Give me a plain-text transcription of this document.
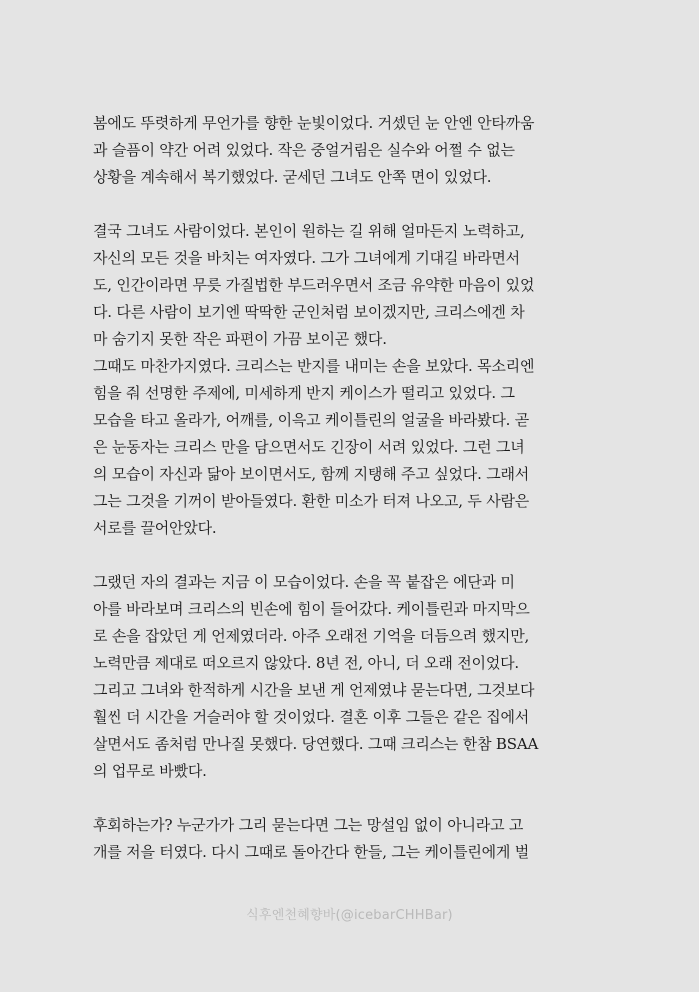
봄에도 뚜렷하게 무언가를 향한 눈빛이었다. 거셌던 눈 안엔 안타까움
과 슬픔이 약간 어려 있었다. 작은 중얼거림은 실수와 어쩔 수 없는
상황을 계속해서 복기했었다. 굳세던 그녀도 안쪽 면이 있었다.
결국 그녀도 사람이었다. 본인이 원하는 길 위해 얼마든지 노력하고,
자신의 모든 것을 바치는 여자였다. 그가 그녀에게 기대길 바라면서
도, 인간이라면 무릇 가질법한 부드러우면서 조금 유약한 마음이 있었
다. 다른 사람이 보기엔 딱딱한 군인처럼 보이겠지만, 크리스에겐 차
마 숨기지 못한 작은 파편이 가끔 보이곤 했다.
그때도 마찬가지였다. 크리스는 반지를 내미는 손을 보았다. 목소리엔
힘을 줘 선명한 주제에, 미세하게 반지 케이스가 떨리고 있었다. 그
모습을 타고 올라가, 어깨를, 이윽고 케이틀린의 얼굴을 바라봤다. 곧
은 눈동자는 크리스 만을 담으면서도 긴장이 서려 있었다. 그런 그녀
의 모습이 자신과 닮아 보이면서도, 함께 지탱해 주고 싶었다. 그래서
그는 그것을 기꺼이 받아들였다. 환한 미소가 터져 나오고, 두 사람은
서로를 끌어안았다.
그랬던 자의 결과는 지금 이 모습이었다. 손을 꼭 붙잡은 에단과 미
아를 바라보며 크리스의 빈손에 힘이 들어갔다. 케이틀린과 마지막으
로 손을 잡았던 게 언제였더라. 아주 오래전 기억을 더듬으려 했지만,
노력만큼 제대로 떠오르지 않았다. 8년 전, 아니, 더 오래 전이었다.
그리고 그녀와 한적하게 시간을 보낸 게 언제였냐 묻는다면, 그것보다
훨씬 더 시간을 거슬러야 할 것이었다. 결혼 이후 그들은 같은 집에서
살면서도 좀처럼 만나질 못했다. 당연했다. 그때 크리스는 한참 BSAA
의 업무로 바빴다.
후회하는가? 누군가가 그리 묻는다면 그는 망설임 없이 아니라고 고
개를 저을 터였다. 다시 그때로 돌아간다 한들, 그는 케이틀린에게 벌
식후엔천혜향바(@icebarCHHBar)
